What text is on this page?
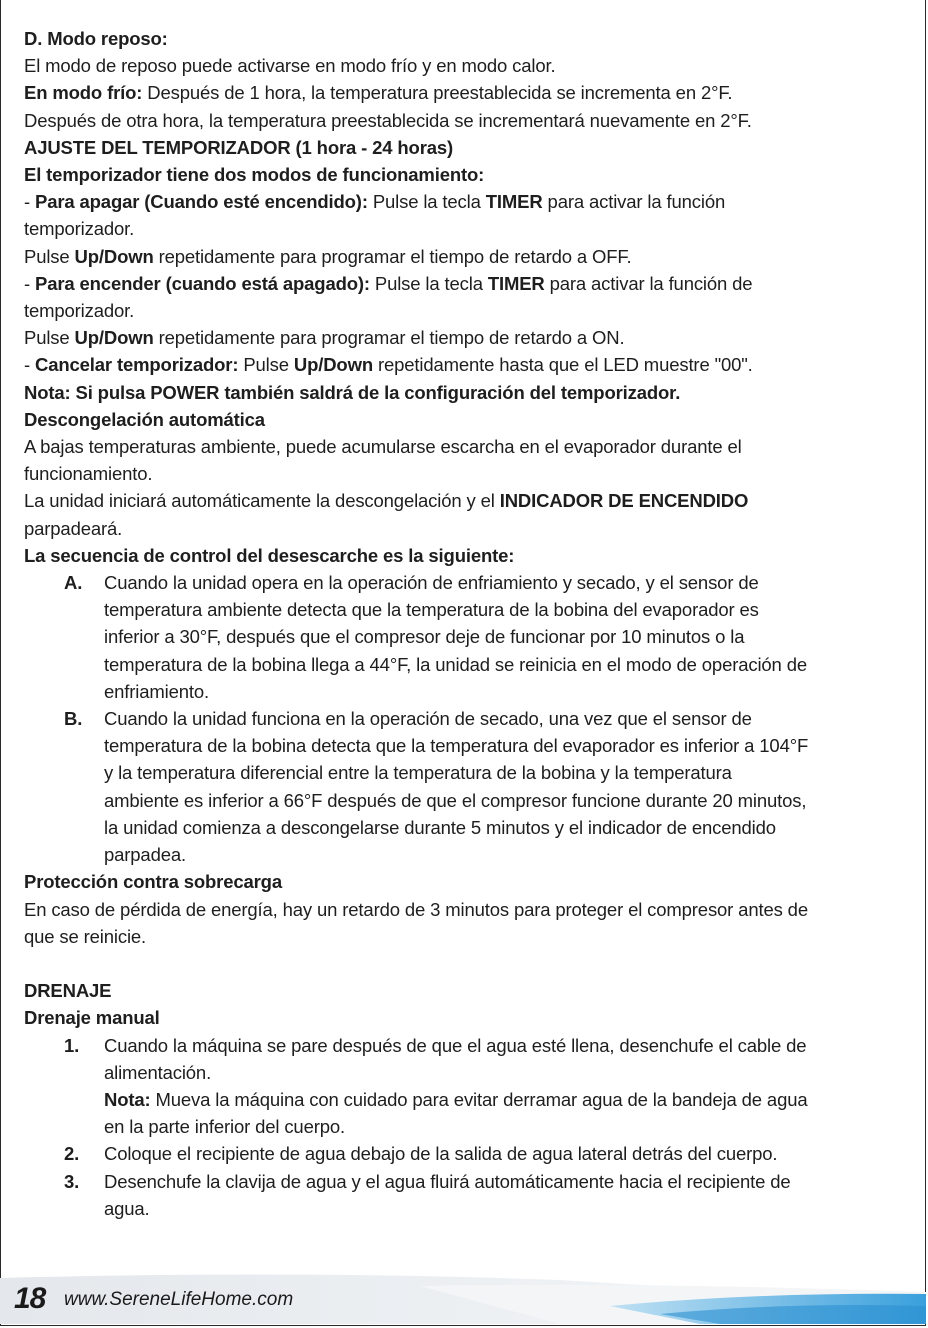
D. Modo reposo:
El modo de reposo puede activarse en modo frío y en modo calor.
En modo frío: Después de 1 hora, la temperatura preestablecida se incrementa en 2°F.
Después de otra hora, la temperatura preestablecida se incrementará nuevamente en 2°F.
AJUSTE DEL TEMPORIZADOR (1 hora - 24 horas)
El temporizador tiene dos modos de funcionamiento:
- Para apagar (Cuando esté encendido): Pulse la tecla TIMER para activar la función
temporizador.
Pulse Up/Down repetidamente para programar el tiempo de retardo a OFF.
- Para encender (cuando está apagado): Pulse la tecla TIMER para activar la función de
temporizador.
Pulse Up/Down repetidamente para programar el tiempo de retardo a ON.
- Cancelar temporizador: Pulse Up/Down repetidamente hasta que el LED muestre "00".
Nota: Si pulsa POWER también saldrá de la configuración del temporizador.
Descongelación automática
A bajas temperaturas ambiente, puede acumularse escarcha en el evaporador durante el
funcionamiento.
La unidad iniciará automáticamente la descongelación y el INDICADOR DE ENCENDIDO
parpadeará.
La secuencia de control del desescarche es la siguiente:
A. Cuando la unidad opera en la operación de enfriamiento y secado, y el sensor de
temperatura ambiente detecta que la temperatura de la bobina del evaporador es
inferior a 30°F, después que el compresor deje de funcionar por 10 minutos o la
temperatura de la bobina llega a 44°F, la unidad se reinicia en el modo de operación de
enfriamiento.
B. Cuando la unidad funciona en la operación de secado, una vez que el sensor de
temperatura de la bobina detecta que la temperatura del evaporador es inferior a 104°F
y la temperatura diferencial entre la temperatura de la bobina y la temperatura
ambiente es inferior a 66°F después de que el compresor funcione durante 20 minutos,
la unidad comienza a descongelarse durante 5 minutos y el indicador de encendido
parpadea.
Protección contra sobrecarga
En caso de pérdida de energía, hay un retardo de 3 minutos para proteger el compresor antes de
que se reinicie.
DRENAJE
Drenaje manual
1. Cuando la máquina se pare después de que el agua esté llena, desenchufe el cable de
alimentación.
Nota: Mueva la máquina con cuidado para evitar derramar agua de la bandeja de agua
en la parte inferior del cuerpo.
2. Coloque el recipiente de agua debajo de la salida de agua lateral detrás del cuerpo.
3. Desenchufe la clavija de agua y el agua fluirá automáticamente hacia el recipiente de
agua.
18 www.SereneLifeHome.com
